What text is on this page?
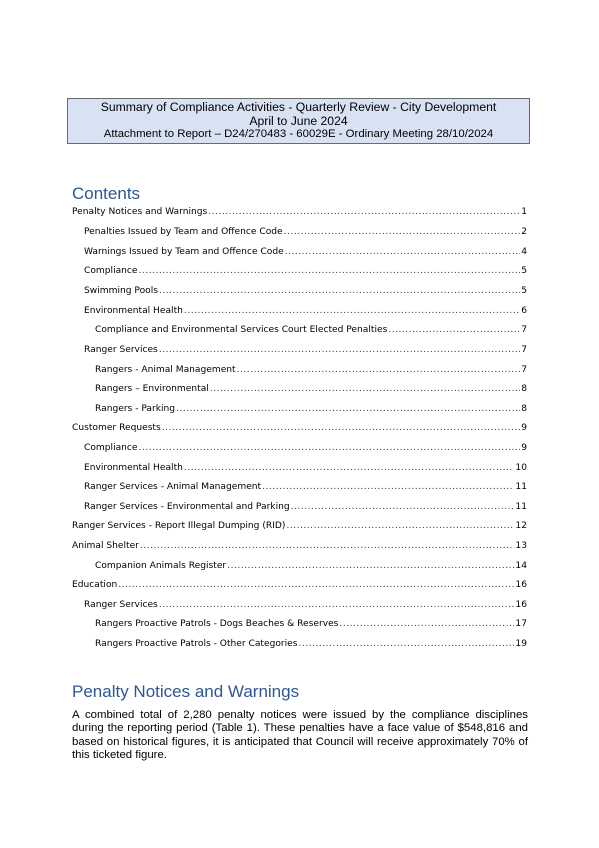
Summary of Compliance Activities - Quarterly Review - City Development
April to June 2024
Attachment to Report – D24/270483 - 60029E - Ordinary Meeting 28/10/2024
Contents
Penalty Notices and Warnings .....	1
Penalties Issued by Team and Offence Code .....	2
Warnings Issued by Team and Offence Code .....	4
Compliance .....	5
Swimming Pools .....	5
Environmental Health .....	6
Compliance and Environmental Services Court Elected Penalties .....	7
Ranger Services .....	7
Rangers - Animal Management .....	7
Rangers – Environmental .....	8
Rangers - Parking .....	8
Customer Requests .....	9
Compliance .....	9
Environmental Health .....	10
Ranger Services - Animal Management .....	11
Ranger Services - Environmental and Parking .....	11
Ranger Services - Report Illegal Dumping (RID) .....	12
Animal Shelter .....	13
Companion Animals Register .....	14
Education .....	16
Ranger Services .....	16
Rangers Proactive Patrols - Dogs Beaches & Reserves .....	17
Rangers Proactive Patrols - Other Categories .....	19
Penalty Notices and Warnings

A combined total of 2,280 penalty notices were issued by the compliance disciplines during the reporting period (Table 1). These penalties have a face value of $548,816 and based on historical figures, it is anticipated that Council will receive approximately 70% of this ticketed figure.
